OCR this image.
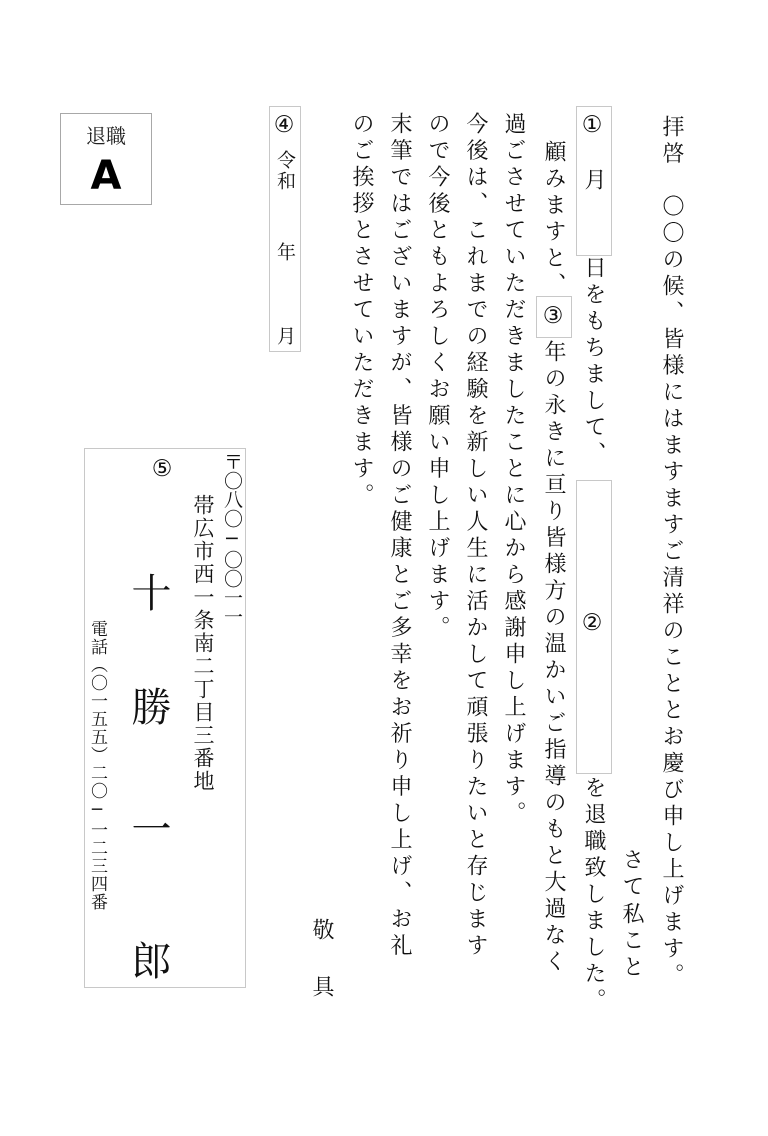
退職
A	拝啓　〇〇の候、皆様にはますますご清祥のこととお慶び申し上げます。
さて
私こと
①
月
日をもちまして、
②
を退職致しました。
顧みますと、
③
年の永きに亘り皆様方の温かいご指導のもと大過なく
過ごさせていただきましたことに心から感謝申し上げます。
今後は、これまでの経験を新しい人生に活かして頑張りたいと存じます
ので今後ともよろしくお願い申し上げます。
末筆ではございますが、皆様のご健康とご多幸をお祈り申し上げ、お礼
のご挨拶とさせていただきます。
敬
具
④
令和
年
月
⑤ 〒〇八〇─〇〇一一
帯広市西一条南二丁目三番地
十
勝
一
郎
電話（〇一五五）二〇─一二三四番
